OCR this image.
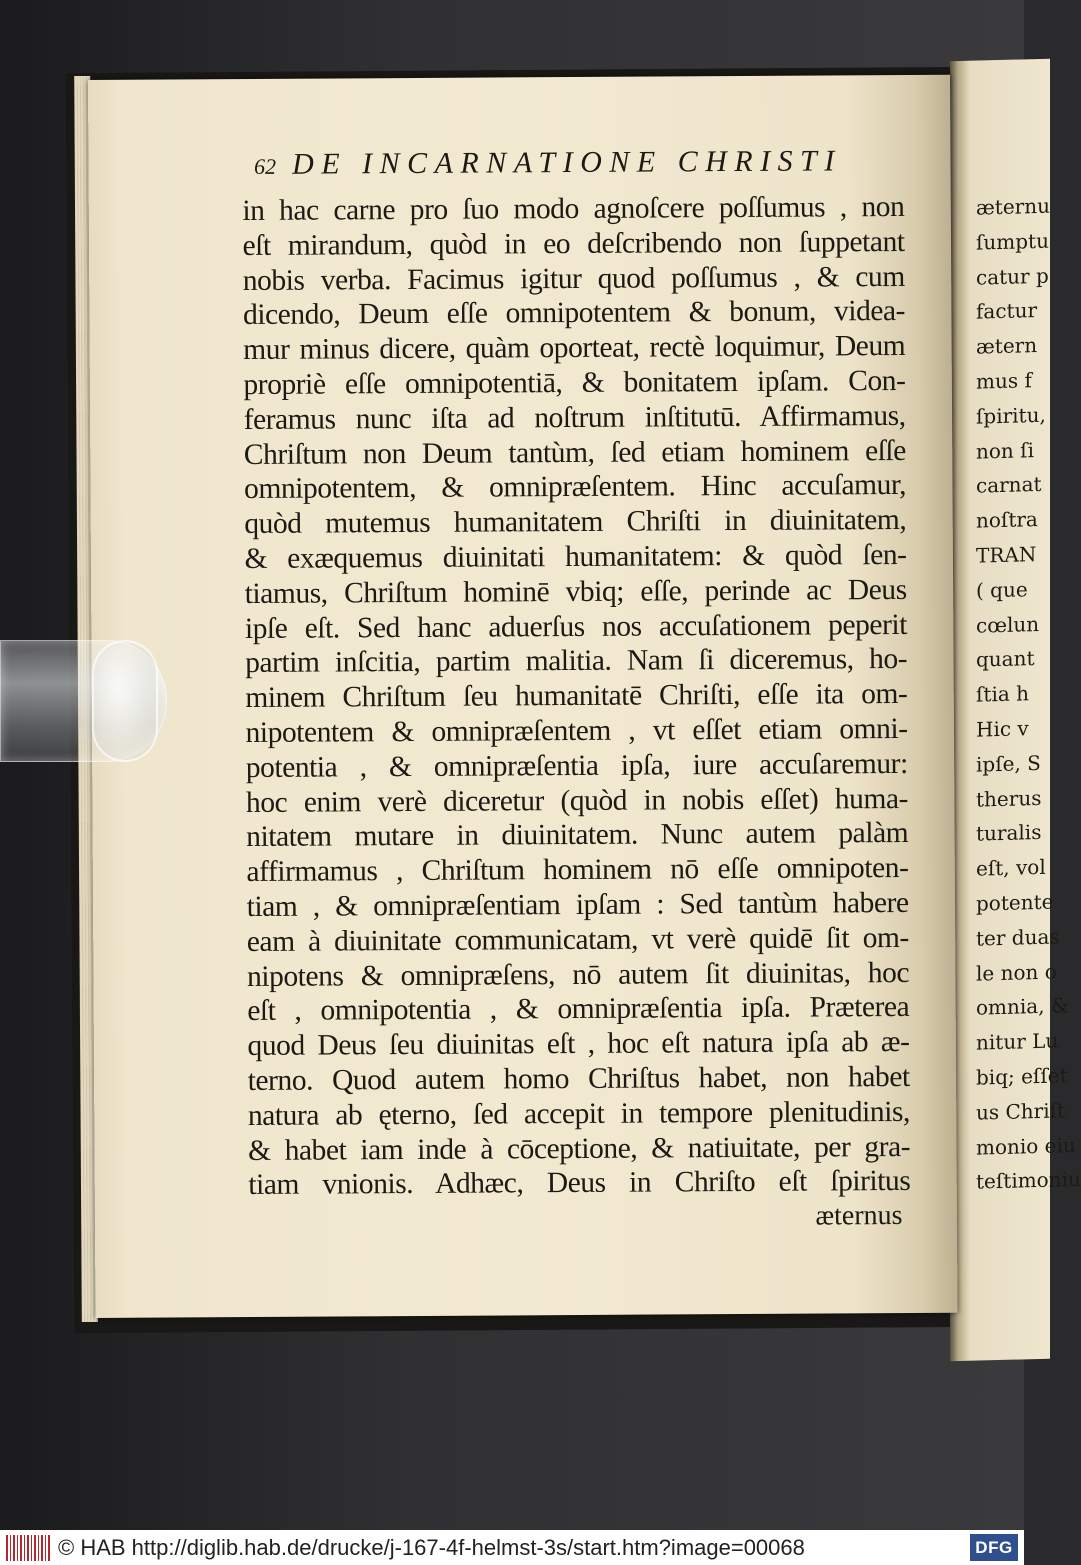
æternu
ſumptu
catur p
factur
ætern
mus f
ſpiritu,
non ſi
carnat
noſtra
TRAN
( que
cœlun
quant
ſtia h
Hic v
ipſe, S
therus
turalis
eſt, vol
potente
ter duas
le non o
omnia, &
nitur Lu
biq; eſſet
us Chriſt
monio eiu
teſtimoniu
62 DE INCARNATIONE CHRISTI
in hac carne pro ſuo modo agnoſcere poſſumus , non
eſt mirandum, quòd in eo deſcribendo non ſuppetant
nobis verba. Facimus igitur quod poſſumus , & cum
dicendo, Deum eſſe omnipotentem & bonum, videa-
mur minus dicere, quàm oporteat, rectè loquimur, Deum
propriè eſſe omnipotentiā, & bonitatem ipſam. Con-
feramus nunc iſta ad noſtrum inſtitutū. Affirmamus,
Chriſtum non Deum tantùm, ſed etiam hominem eſſe
omnipotentem, & omnipræſentem. Hinc accuſamur,
quòd mutemus humanitatem Chriſti in diuinitatem,
& exæquemus diuinitati humanitatem: & quòd ſen-
tiamus, Chriſtum hominē vbiq; eſſe, perinde ac Deus
ipſe eſt. Sed hanc aduerſus nos accuſationem peperit
partim inſcitia, partim malitia. Nam ſi diceremus, ho-
minem Chriſtum ſeu humanitatē Chriſti, eſſe ita om-
nipotentem & omnipræſentem , vt eſſet etiam omni-
potentia , & omnipræſentia ipſa, iure accuſaremur:
hoc enim verè diceretur (quòd in nobis eſſet) huma-
nitatem mutare in diuinitatem. Nunc autem palàm
affirmamus , Chriſtum hominem nō eſſe omnipoten-
tiam , & omnipræſentiam ipſam : Sed tantùm habere
eam à diuinitate communicatam, vt verè quidē ſit om-
nipotens & omnipræſens, nō autem ſit diuinitas, hoc
eſt , omnipotentia , & omnipræſentia ipſa. Præterea
quod Deus ſeu diuinitas eſt , hoc eſt natura ipſa ab æ-
terno. Quod autem homo Chriſtus habet, non habet
natura ab ęterno, ſed accepit in tempore plenitudinis,
& habet iam inde à cōceptione, & natiuitate, per gra-
tiam vnionis. Adhæc, Deus in Chriſto eſt ſpiritus
æternus
© HAB http://diglib.hab.de/drucke/j-167-4f-helmst-3s/start.htm?image=00068	DFG
